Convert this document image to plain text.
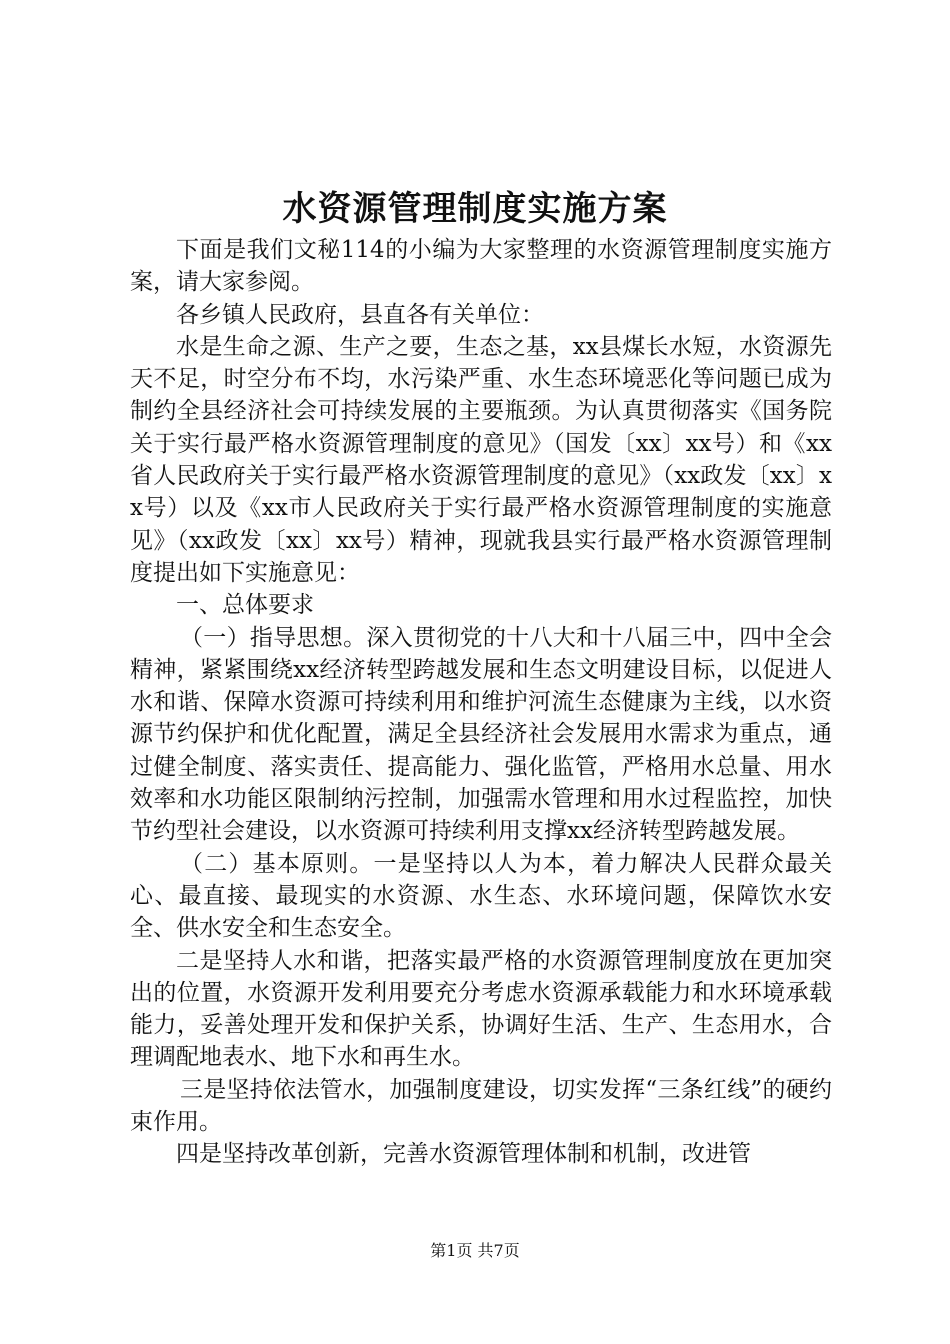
水资源管理制度实施方案

下面是我们文秘114的小编为大家整理的水资源管理制度实施方案，请大家参阅。

各乡镇人民政府，县直各有关单位：

水是生命之源、生产之要，生态之基，xx县煤长水短，水资源先天不足，时空分布不均，水污染严重、水生态环境恶化等问题已成为制约全县经济社会可持续发展的主要瓶颈。为认真贯彻落实《国务院关于实行最严格水资源管理制度的意见》（国发〔xx〕xx号）和《xx省人民政府关于实行最严格水资源管理制度的意见》（xx政发〔xx〕xx号）以及《xx市人民政府关于实行最严格水资源管理制度的实施意见》（xx政发〔xx〕xx号）精神，现就我县实行最严格水资源管理制度提出如下实施意见：

一、总体要求

（一）指导思想。深入贯彻党的十八大和十八届三中，四中全会精神，紧紧围绕xx经济转型跨越发展和生态文明建设目标，以促进人水和谐、保障水资源可持续利用和维护河流生态健康为主线，以水资源节约保护和优化配置，满足全县经济社会发展用水需求为重点，通过健全制度、落实责任、提高能力、强化监管，严格用水总量、用水效率和水功能区限制纳污控制，加强需水管理和用水过程监控，加快节约型社会建设，以水资源可持续利用支撑xx经济转型跨越发展。

（二）基本原则。一是坚持以人为本，着力解决人民群众最关心、最直接、最现实的水资源、水生态、水环境问题，保障饮水安全、供水安全和生态安全。

二是坚持人水和谐，把落实最严格的水资源管理制度放在更加突出的位置，水资源开发利用要充分考虑水资源承载能力和水环境承载能力，妥善处理开发和保护关系，协调好生活、生产、生态用水，合理调配地表水、地下水和再生水。

三是坚持依法管水，加强制度建设，切实发挥“三条红线”的硬约束作用。

四是坚持改革创新，完善水资源管理体制和机制，改进管

第1页 共7页
